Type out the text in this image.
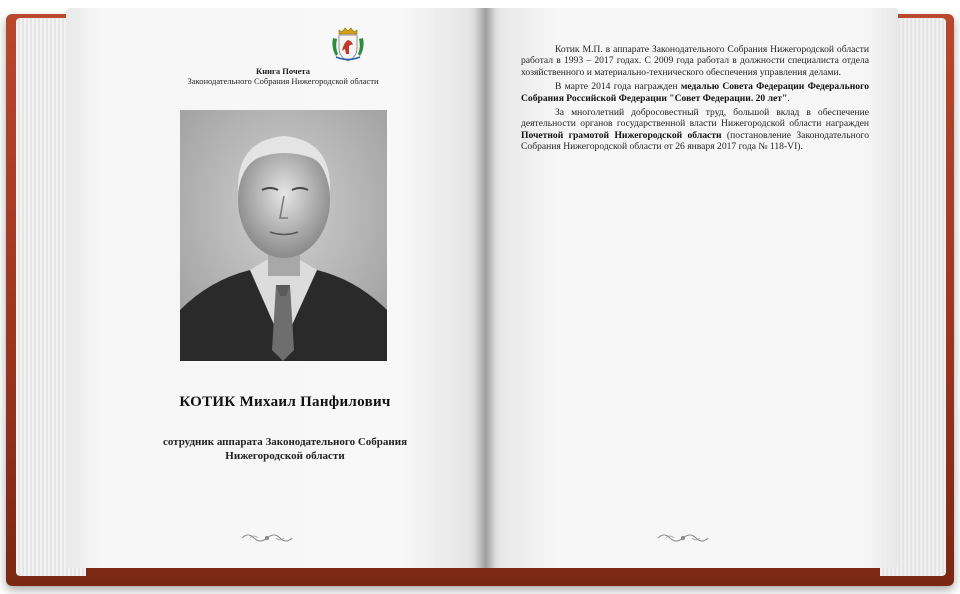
Книга Почета
Законодательного Собрания Нижегородской области
КОТИК Михаил Панфилович
сотрудник аппарата Законодательного Собрания
Нижегородской области

Котик М.П. в аппарате Законодательного Собрания Нижегородской области работал в 1993 – 2017 годах. С 2009 года работал в должности специалиста отдела хозяйственного и материально-технического обеспечения управления делами.

В марте 2014 года награжден медалью Совета Федерации Федерального Собрания Российской Федерации "Совет Федерации. 20 лет".

За многолетний добросовестный труд, большой вклад в обеспечение деятельности органов государственной власти Нижегородской области награжден Почетной грамотой Нижегородской области (постановление Законодательного Собрания Нижегородской области от 26 января 2017 года № 118-VI).
